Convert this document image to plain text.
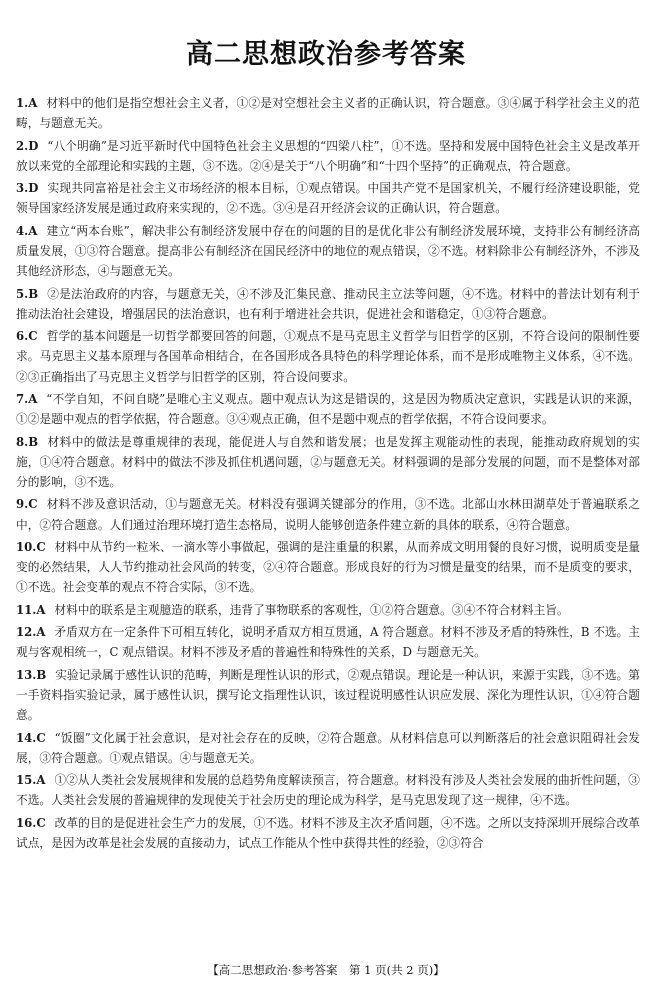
高二思想政治参考答案
1.A 材料中的他们是指空想社会主义者，①②是对空想社会主义者的正确认识，符合题意。③④属于科学社会主义的范畴，与题意无关。
2.D “八个明确”是习近平新时代中国特色社会主义思想的“四梁八柱”，①不选。坚持和发展中国特色社会主义是改革开放以来党的全部理论和实践的主题，③不选。②④是关于“八个明确”和“十四个坚持”的正确观点，符合题意。
3.D 实现共同富裕是社会主义市场经济的根本目标，①观点错误。中国共产党不是国家机关，不履行经济建设职能，党领导国家经济发展是通过政府来实现的，②不选。③④是召开经济会议的正确认识，符合题意。
4.A 建立“两本台账”，解决非公有制经济发展中存在的问题的目的是优化非公有制经济发展环境，支持非公有制经济高质量发展，①③符合题意。提高非公有制经济在国民经济中的地位的观点错误，②不选。材料除非公有制经济外，不涉及其他经济形态，④与题意无关。
5.B ②是法治政府的内容，与题意无关，④不涉及汇集民意、推动民主立法等问题，④不选。材料中的普法计划有利于推动法治社会建设，增强居民的法治意识，也有利于增进社会共识，促进社会和谐稳定，①③符合题意。
6.C 哲学的基本问题是一切哲学都要回答的问题，①观点不是马克思主义哲学与旧哲学的区别，不符合设问的限制性要求。马克思主义基本原理与各国革命相结合，在各国形成各具特色的科学理论体系，而不是形成唯物主义体系，④不选。②③正确指出了马克思主义哲学与旧哲学的区别，符合设问要求。
7.A “不学自知，不问自晓”是唯心主义观点。题中观点认为这是错误的，这是因为物质决定意识，实践是认识的来源，①②是题中观点的哲学依据，符合题意。③④观点正确，但不是题中观点的哲学依据，不符合设问要求。
8.B 材料中的做法是尊重规律的表现，能促进人与自然和谐发展；也是发挥主观能动性的表现，能推动政府规划的实施，①④符合题意。材料中的做法不涉及抓住机遇问题，②与题意无关。材料强调的是部分发展的问题，而不是整体对部分的影响，③不选。
9.C 材料不涉及意识活动，①与题意无关。材料没有强调关键部分的作用，③不选。北部山水林田湖草处于普遍联系之中，②符合题意。人们通过治理环境打造生态格局，说明人能够创造条件建立新的具体的联系，④符合题意。
10.C 材料中从节约一粒米、一滴水等小事做起，强调的是注重量的积累，从而养成文明用餐的良好习惯，说明质变是量变的必然结果，人人节约推动社会风尚的转变，②④符合题意。形成良好的行为习惯是量变的结果，而不是质变的要求，①不选。社会变革的观点不符合实际，③不选。
11.A 材料中的联系是主观臆造的联系，违背了事物联系的客观性，①②符合题意。③④不符合材料主旨。
12.A 矛盾双方在一定条件下可相互转化，说明矛盾双方相互贯通，A 符合题意。材料不涉及矛盾的特殊性，B 不选。主观与客观相统一，C 观点错误。材料不涉及矛盾的普遍性和特殊性的关系，D 与题意无关。
13.B 实验记录属于感性认识的范畴，判断是理性认识的形式，②观点错误。理论是一种认识，来源于实践，③不选。第一手资料指实验记录，属于感性认识，撰写论文指理性认识，该过程说明感性认识应发展、深化为理性认识，①④符合题意。
14.C “饭圈”文化属于社会意识，是对社会存在的反映，②符合题意。从材料信息可以判断落后的社会意识阻碍社会发展，③符合题意。①观点错误。④与题意无关。
15.A ①②从人类社会发展规律和发展的总趋势角度解读预言，符合题意。材料没有涉及人类社会发展的曲折性问题，③不选。人类社会发展的普遍规律的发现使关于社会历史的理论成为科学，是马克思发现了这一规律，④不选。
16.C 改革的目的是促进社会生产力的发展，①不选。材料不涉及主次矛盾问题，④不选。之所以支持深圳开展综合改革试点，是因为改革是社会发展的直接动力，试点工作能从个性中获得共性的经验，②③符合
【高二思想政治·参考答案　第 1 页(共 2 页)】
